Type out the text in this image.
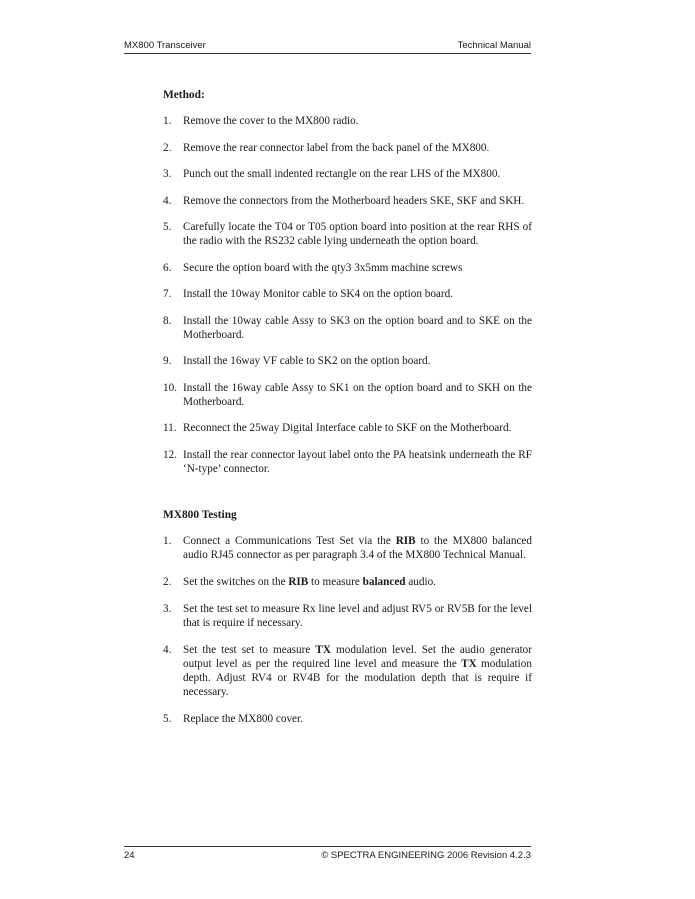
MX800 Transceiver	Technical Manual
Method:
1. Remove the cover to the MX800 radio.
2. Remove the rear connector label from the back panel of the MX800.
3. Punch out the small indented rectangle on the rear LHS of the MX800.
4. Remove the connectors from the Motherboard headers SKE, SKF and SKH.
5. Carefully locate the T04 or T05 option board into position at the rear RHS of the radio with the RS232 cable lying underneath the option board.
6. Secure the option board with the qty3 3x5mm machine screws
7. Install the 10way Monitor cable to SK4 on the option board.
8. Install the 10way cable Assy to SK3 on the option board and to SKE on the Motherboard.
9. Install the 16way VF cable to SK2 on the option board.
10. Install the 16way cable Assy to SK1 on the option board and to SKH on the Motherboard.
11. Reconnect the 25way Digital Interface cable to SKF on the Motherboard.
12. Install the rear connector layout label onto the PA heatsink underneath the RF ‘N-type’ connector.
MX800 Testing
1. Connect a Communications Test Set via the RIB to the MX800 balanced audio RJ45 connector as per paragraph 3.4 of the MX800 Technical Manual.
2. Set the switches on the RIB to measure balanced audio.
3. Set the test set to measure Rx line level and adjust RV5 or RV5B for the level that is require if necessary.
4. Set the test set to measure TX modulation level. Set the audio generator output level as per the required line level and measure the TX modulation depth. Adjust RV4 or RV4B for the modulation depth that is require if necessary.
5. Replace the MX800 cover.
24	© SPECTRA ENGINEERING 2006 Revision 4.2.3
